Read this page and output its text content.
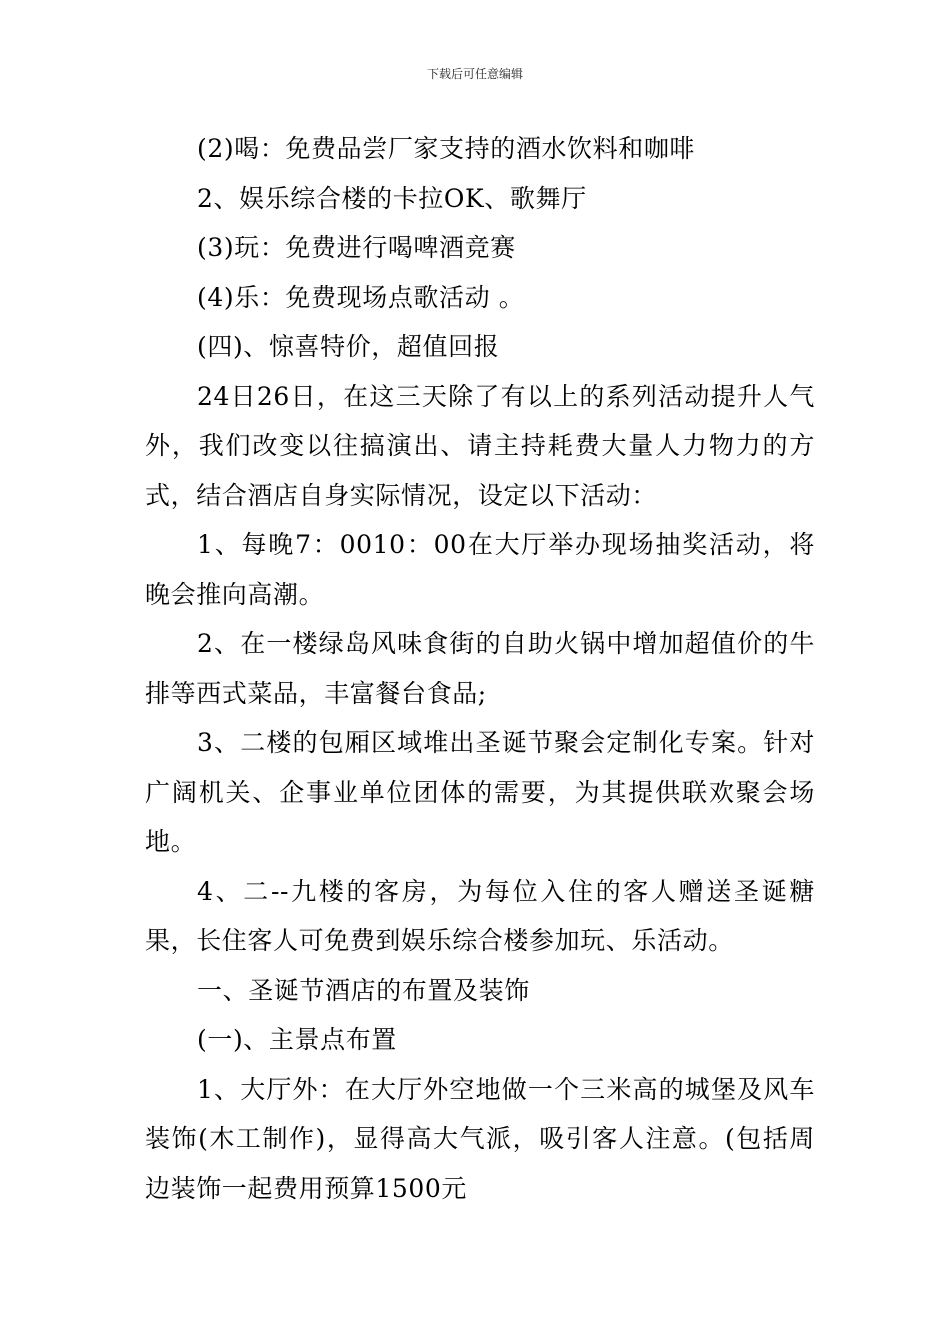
下载后可任意编辑

(2)喝：免费品尝厂家支持的酒水饮料和咖啡

2、娱乐综合楼的卡拉OK、歌舞厅

(3)玩：免费进行喝啤酒竞赛

(4)乐：免费现场点歌活动 。

(四)、惊喜特价，超值回报

24日26日，在这三天除了有以上的系列活动提升人气外，我们改变以往搞演出、请主持耗费大量人力物力的方式，结合酒店自身实际情况，设定以下活动：

1、每晚7：0010：00在大厅举办现场抽奖活动，将晚会推向高潮。

2、在一楼绿岛风味食街的自助火锅中增加超值价的牛排等西式菜品，丰富餐台食品;

3、二楼的包厢区域堆出圣诞节聚会定制化专案。针对广阔机关、企事业单位团体的需要，为其提供联欢聚会场地。

4、二--九楼的客房，为每位入住的客人赠送圣诞糖果，长住客人可免费到娱乐综合楼参加玩、乐活动。

一、圣诞节酒店的布置及装饰

(一)、主景点布置

1、大厅外：在大厅外空地做一个三米高的城堡及风车装饰(木工制作)，显得高大气派，吸引客人注意。(包括周边装饰一起费用预算1500元
